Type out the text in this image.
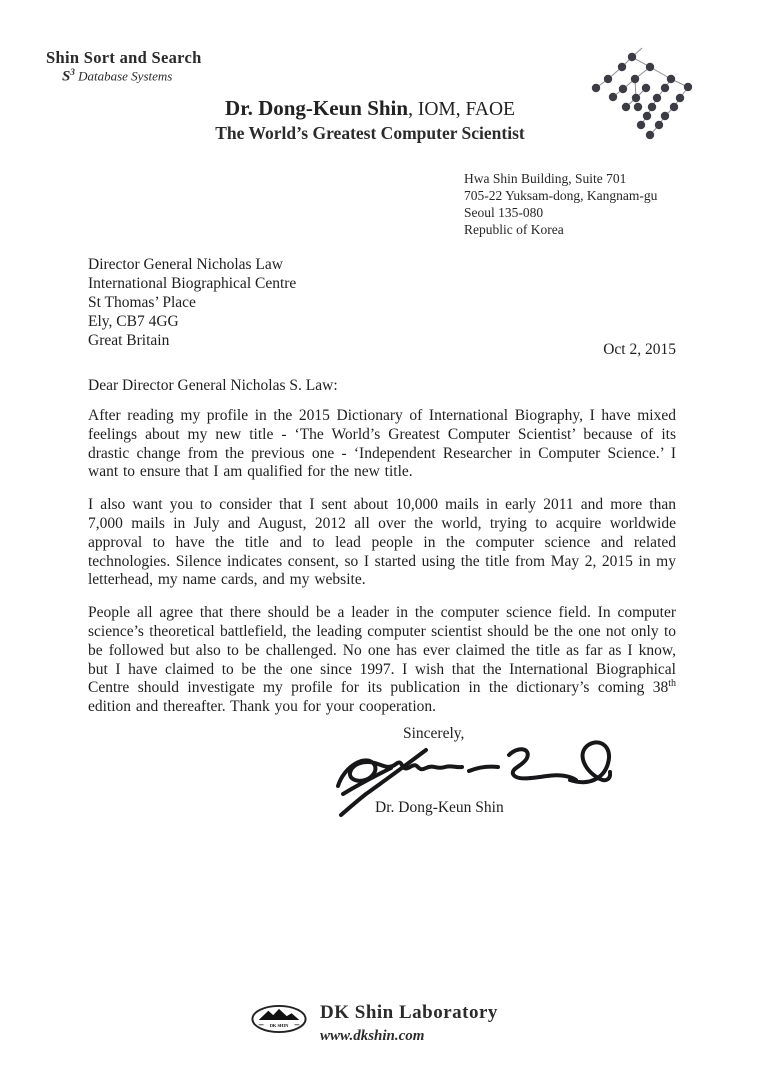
Shin Sort and Search
$S^3$ Database Systems
Dr. Dong-Keun Shin, IOM, FAOE
The World’s Greatest Computer Scientist
Hwa Shin Building, Suite 701
705-22 Yuksam-dong, Kangnam-gu
Seoul 135-080
Republic of Korea
Director General Nicholas Law
International Biographical Centre
St Thomas’ Place
Ely, CB7 4GG
Great Britain
Oct 2, 2015
Dear Director General Nicholas S. Law:

After reading my profile in the 2015 Dictionary of International Biography, I have mixed feelings about my new title - ‘The World’s Greatest Computer Scientist’ because of its drastic change from the previous one - ‘Independent Researcher in Computer Science.’ I want to ensure that I am qualified for the new title.

I also want you to consider that I sent about 10,000 mails in early 2011 and more than 7,000 mails in July and August, 2012 all over the world, trying to acquire worldwide approval to have the title and to lead people in the computer science and related technologies. Silence indicates consent, so I started using the title from May 2, 2015 in my letterhead, my name cards, and my website.

People all agree that there should be a leader in the computer science field. In computer science’s theoretical battlefield, the leading computer scientist should be the one not only to be followed but also to be challenged. No one has ever claimed the title as far as I know, but I have claimed to be the one since 1997. I wish that the International Biographical Centre should investigate my profile for its publication in the dictionary’s coming 38th edition and thereafter. Thank you for your cooperation.

Sincerely,
Dr. Dong-Keun Shin
DK SHIN
DK Shin Laboratory
www.dkshin.com
